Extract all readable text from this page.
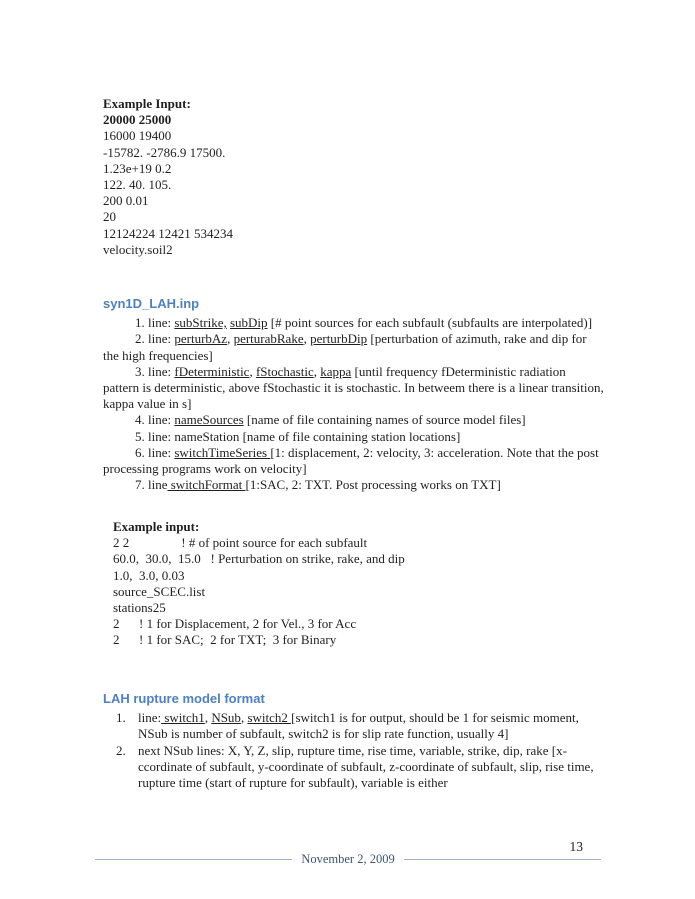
Example Input:
20000 25000
16000 19400
-15782. -2786.9 17500.
1.23e+19 0.2
122. 40. 105.
200 0.01
20
12124224 12421 534234
velocity.soil2
syn1D_LAH.inp

1. line: subStrike, subDip [# point sources for each subfault (subfaults are interpolated)]

2. line: perturbAz, perturabRake, perturbDip [perturbation of azimuth, rake and dip for the high frequencies]

3. line: fDeterministic, fStochastic, kappa [until frequency fDeterministic radiation pattern is deterministic, above fStochastic it is stochastic. In betweem there is a linear transition, kappa value in s]

4. line: nameSources [name of file containing names of source model files]

5. line: nameStation [name of file containing station locations]

6. line: switchTimeSeries [1: displacement, 2: velocity, 3: acceleration. Note that the post processing programs work on velocity]

7. line switchFormat [1:SAC, 2: TXT. Post processing works on TXT]

Example input:
2 2                ! # of point source for each subfault
60.0,  30.0,  15.0   ! Perturbation on strike, rake, and dip
1.0,  3.0, 0.03
source_SCEC.list
stations25
2      ! 1 for Displacement, 2 for Vel., 3 for Acc
2      ! 1 for SAC;  2 for TXT;  3 for Binary
LAH rupture model format
1. line: switch1, NSub, switch2 [switch1 is for output, should be 1 for seismic moment, NSub is number of subfault, switch2 is for slip rate function, usually 4]
2. next NSub lines: X, Y, Z, slip, rupture time, rise time, variable, strike, dip, rake [x-ccordinate of subfault, y-coordinate of subfault, z-coordinate of subfault, slip, rise time, rupture time (start of rupture for subfault), variable is either
November 2, 2009
13
